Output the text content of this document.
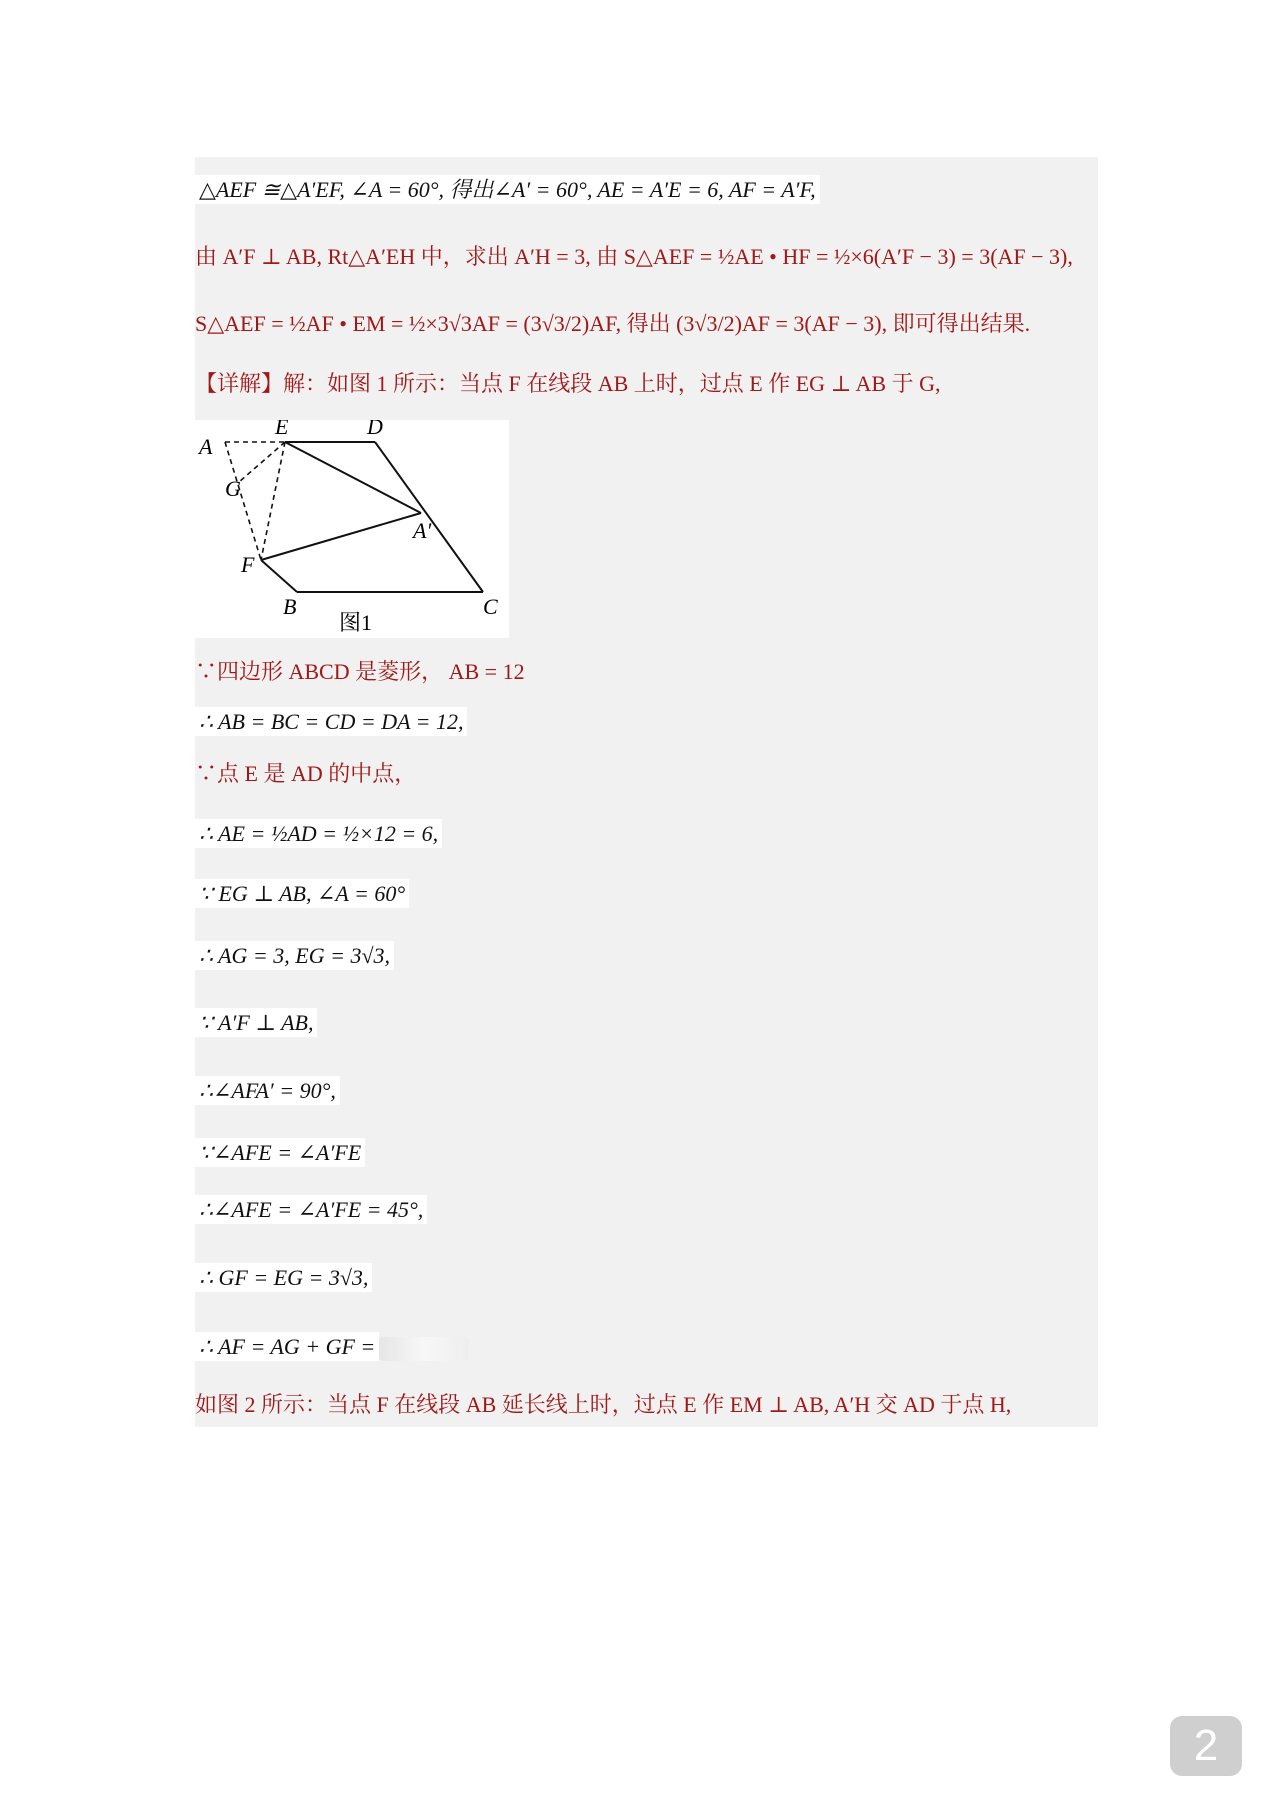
△AEF ≅△A′EF, ∠A = 60°, 得出∠A′ = 60°, AE = A′E = 6, AF = A′F,
由 A′F ⊥ AB, Rt△A′EH 中，求出 A′H = 3, 由 S△AEF = ½AE • HF = ½×6(A′F − 3) = 3(AF − 3),
S△AEF = ½AF • EM = ½×3√3AF = (3√3/2)AF, 得出 (3√3/2)AF = 3(AF − 3), 即可得出结果.
【详解】解：如图 1 所示：当点 F 在线段 AB 上时，过点 E 作 EG ⊥ AB 于 G,
A
E	D
G
A′
F
B	C
图1
∵四边形 ABCD 是菱形， AB = 12
∴ AB = BC = CD = DA = 12,
∵点 E 是 AD 的中点，
∴ AE = ½AD = ½×12 = 6,
∵ EG ⊥ AB, ∠A = 60°
∴ AG = 3, EG = 3√3,
∵ A′F ⊥ AB,
∴∠AFA′ = 90°,
∵∠AFE = ∠A′FE
∴∠AFE = ∠A′FE = 45°,
∴ GF = EG = 3√3,
∴ AF = AG + GF =
如图 2 所示：当点 F 在线段 AB 延长线上时，过点 E 作 EM ⊥ AB, A′H 交 AD 于点 H,
2
